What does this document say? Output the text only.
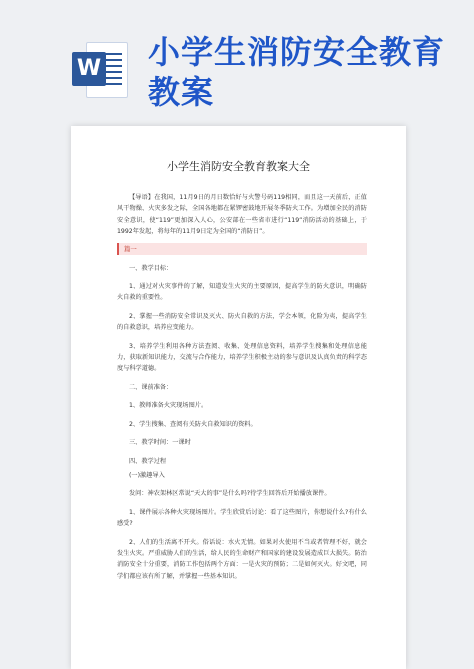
W 小学生消防安全教育教案
小学生消防安全教育教案大全

【导语】在我国，11月9日的月日数恰好与火警号码119相同，而且这一天前后，正值风干物燥、火灾多发之际，全国各地都在紧锣密鼓地开展冬季防火工作。为增加全民的消防安全意识，使“119”更加深入人心，公安部在一些省市进行“119”消防活动的基础上，于1992年发起，将每年的11月9日定为全国的“消防日”。

篇一

一、教学目标：

1、通过对火灾事件的了解，知道发生火灾的主要原因，提高学生的防火意识，明确防火自救的重要性。

2、掌握一些消防安全常识及灭火、防火自救的方法，学会本领，化险为夷，提高学生的自救意识，培养应变能力。

3、培养学生利用各种方法查阅、收集、处理信息资料，培养学生搜集和处理信息能力，获取新知识能力，交流与合作能力，培养学生积极主动的参与意识及认真负责的科学态度与科学道德。

二、课前准备：

1、教师准备火灾现场图片。

2、学生搜集、查阅有关防火自救知识的资料。

三、教学时间：一课时

四、教学过程

(一)激趣导入

发问：神农架林区常说“天大的事”是什么吗?待学生回答后开始播放课件。

1、课件展示各种火灾现场图片。学生欣赏后讨论：看了这些图片，你想说什么?有什么感受?

2、人们的生活离不开火。俗话说：水火无情。如果对火使用不当或者管理不好，就会发生火灾。严重威胁人们的生活，给人民的生命财产和国家的建设发展造成巨大损失。防治消防安全十分重要，消防工作包括两个方面：一是火灾的预防；二是如何灭火。好文吧，同学们都应该有所了解，并掌握一些基本知识。
